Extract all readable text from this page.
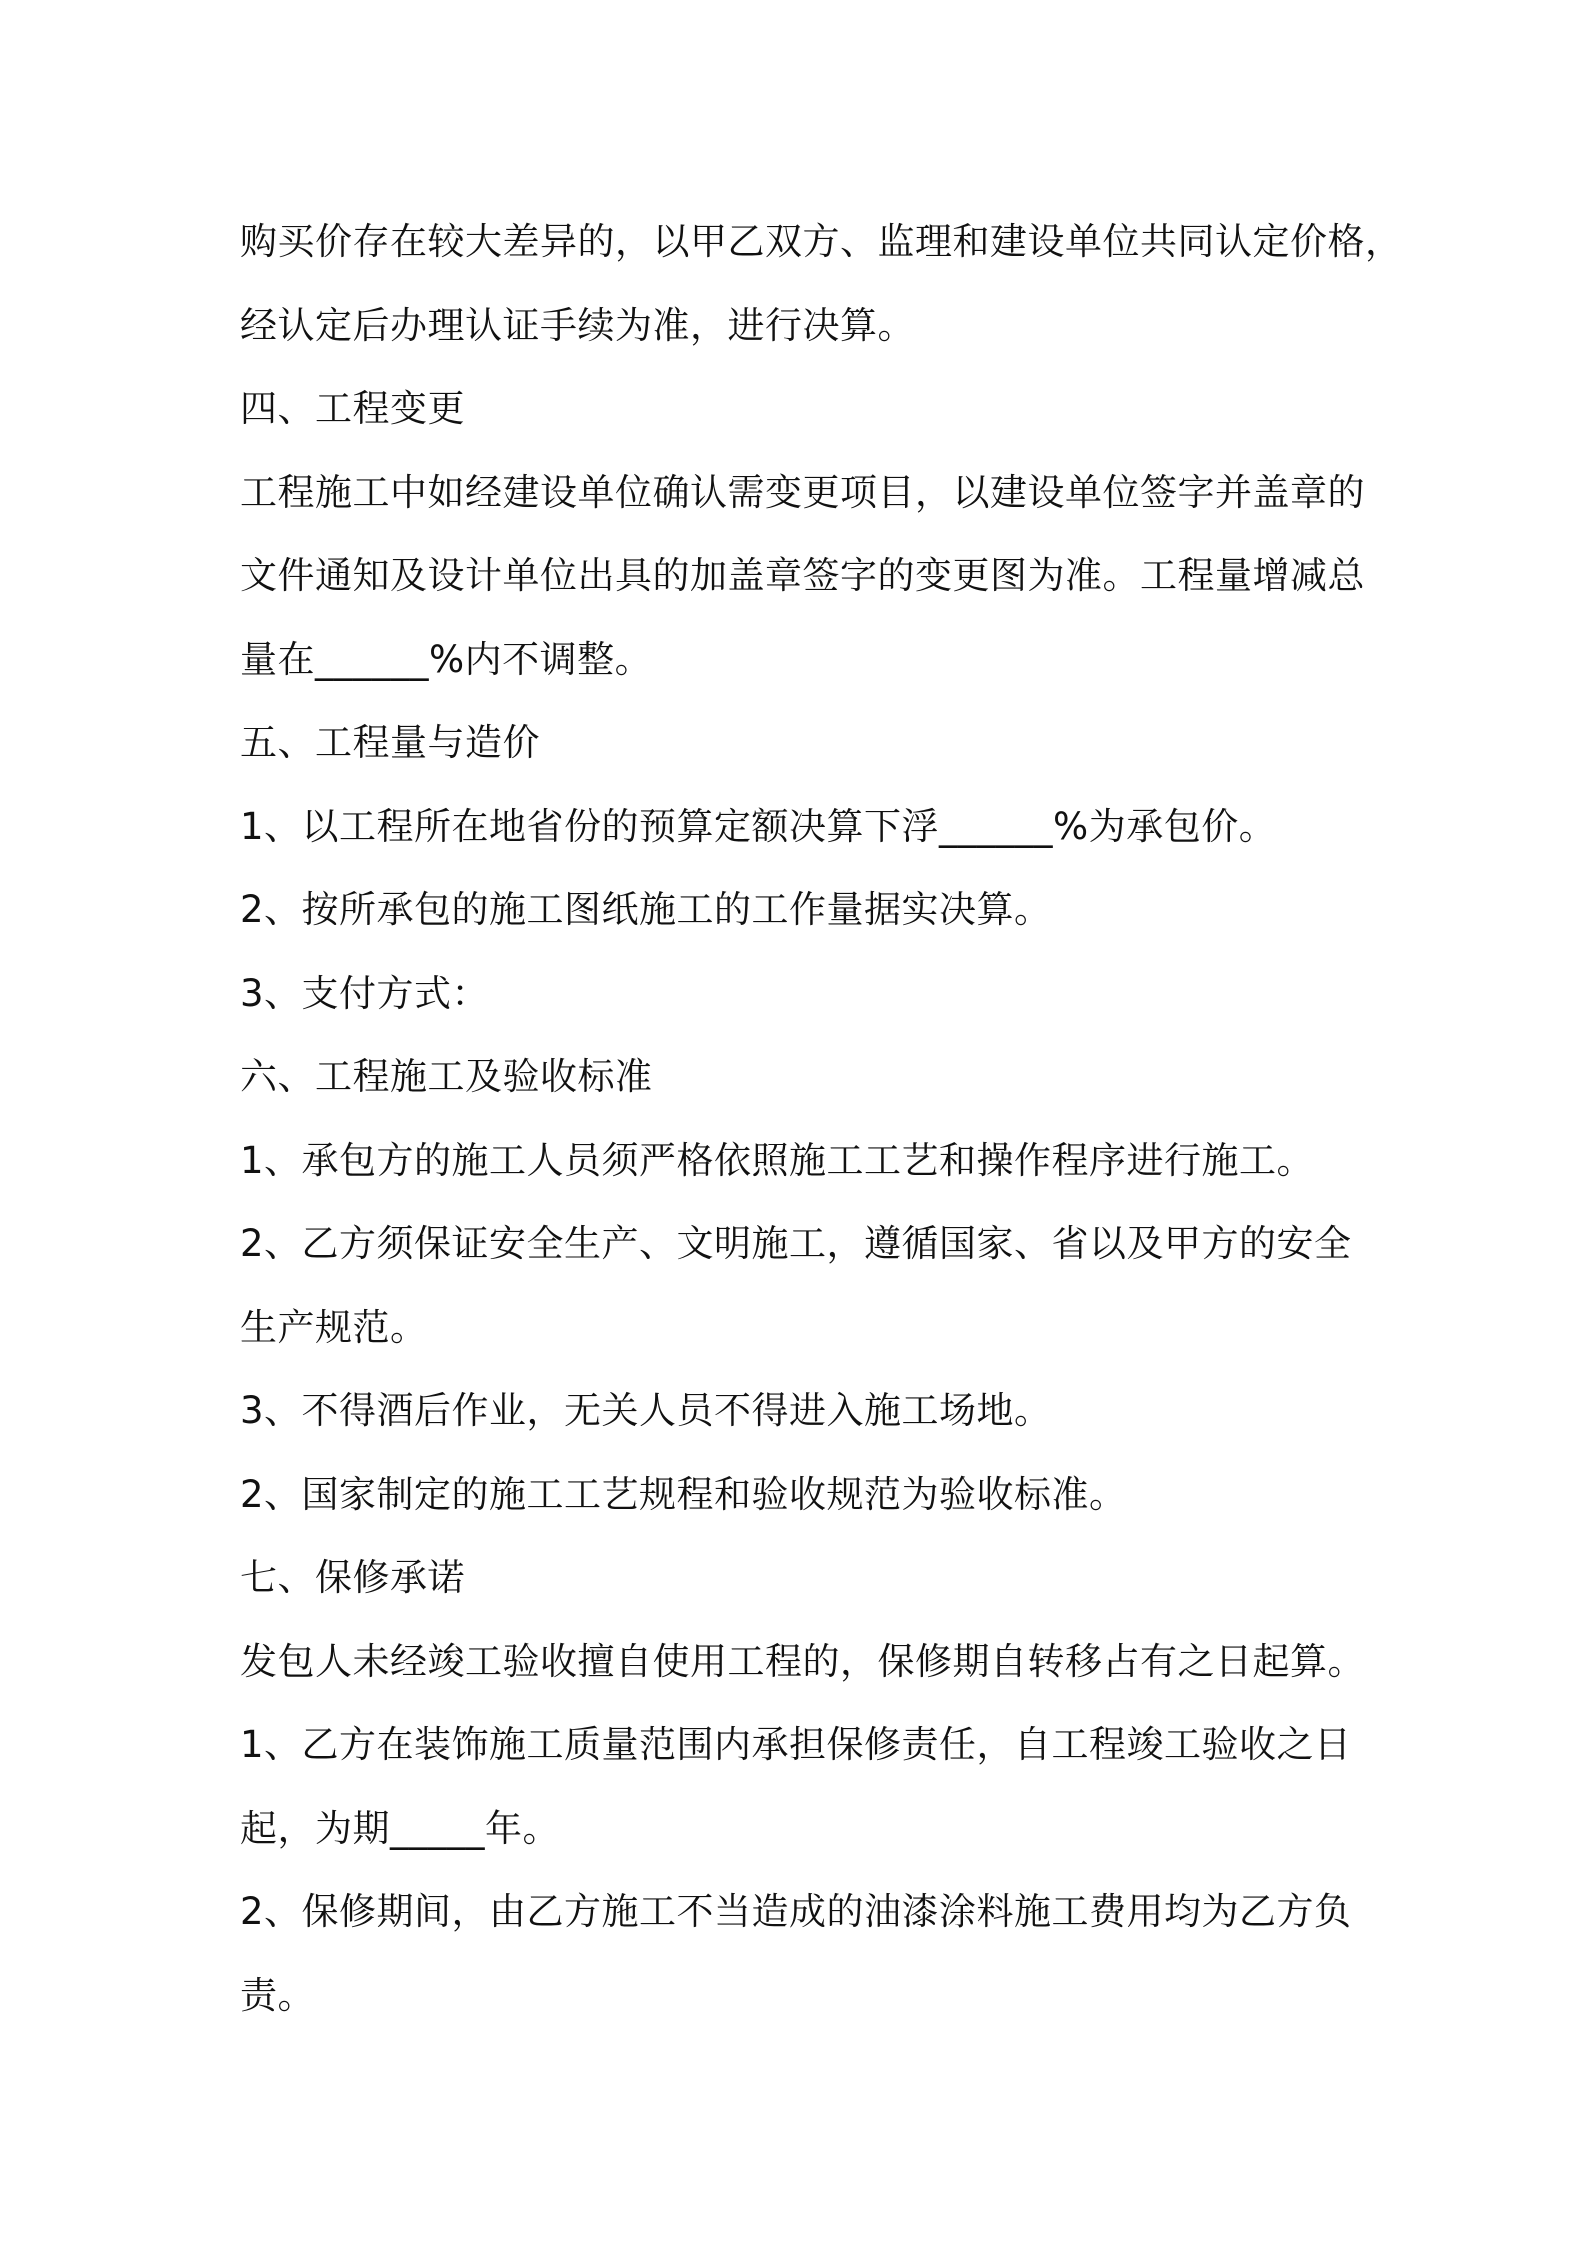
购买价存在较大差异的，以甲乙双方、监理和建设单位共同认定价格，
经认定后办理认证手续为准，进行决算。
四、工程变更
工程施工中如经建设单位确认需变更项目，以建设单位签字并盖章的
文件通知及设计单位出具的加盖章签字的变更图为准。工程量增减总
量在______%内不调整。
五、工程量与造价
1、以工程所在地省份的预算定额决算下浮______%为承包价。
2、按所承包的施工图纸施工的工作量据实决算。
3、支付方式：
六、工程施工及验收标准
1、承包方的施工人员须严格依照施工工艺和操作程序进行施工。
2、乙方须保证安全生产、文明施工，遵循国家、省以及甲方的安全
生产规范。
3、不得酒后作业，无关人员不得进入施工场地。
2、国家制定的施工工艺规程和验收规范为验收标准。
七、保修承诺
发包人未经竣工验收擅自使用工程的，保修期自转移占有之日起算。
1、乙方在装饰施工质量范围内承担保修责任，自工程竣工验收之日
起，为期_____年。
2、保修期间，由乙方施工不当造成的油漆涂料施工费用均为乙方负
责。
